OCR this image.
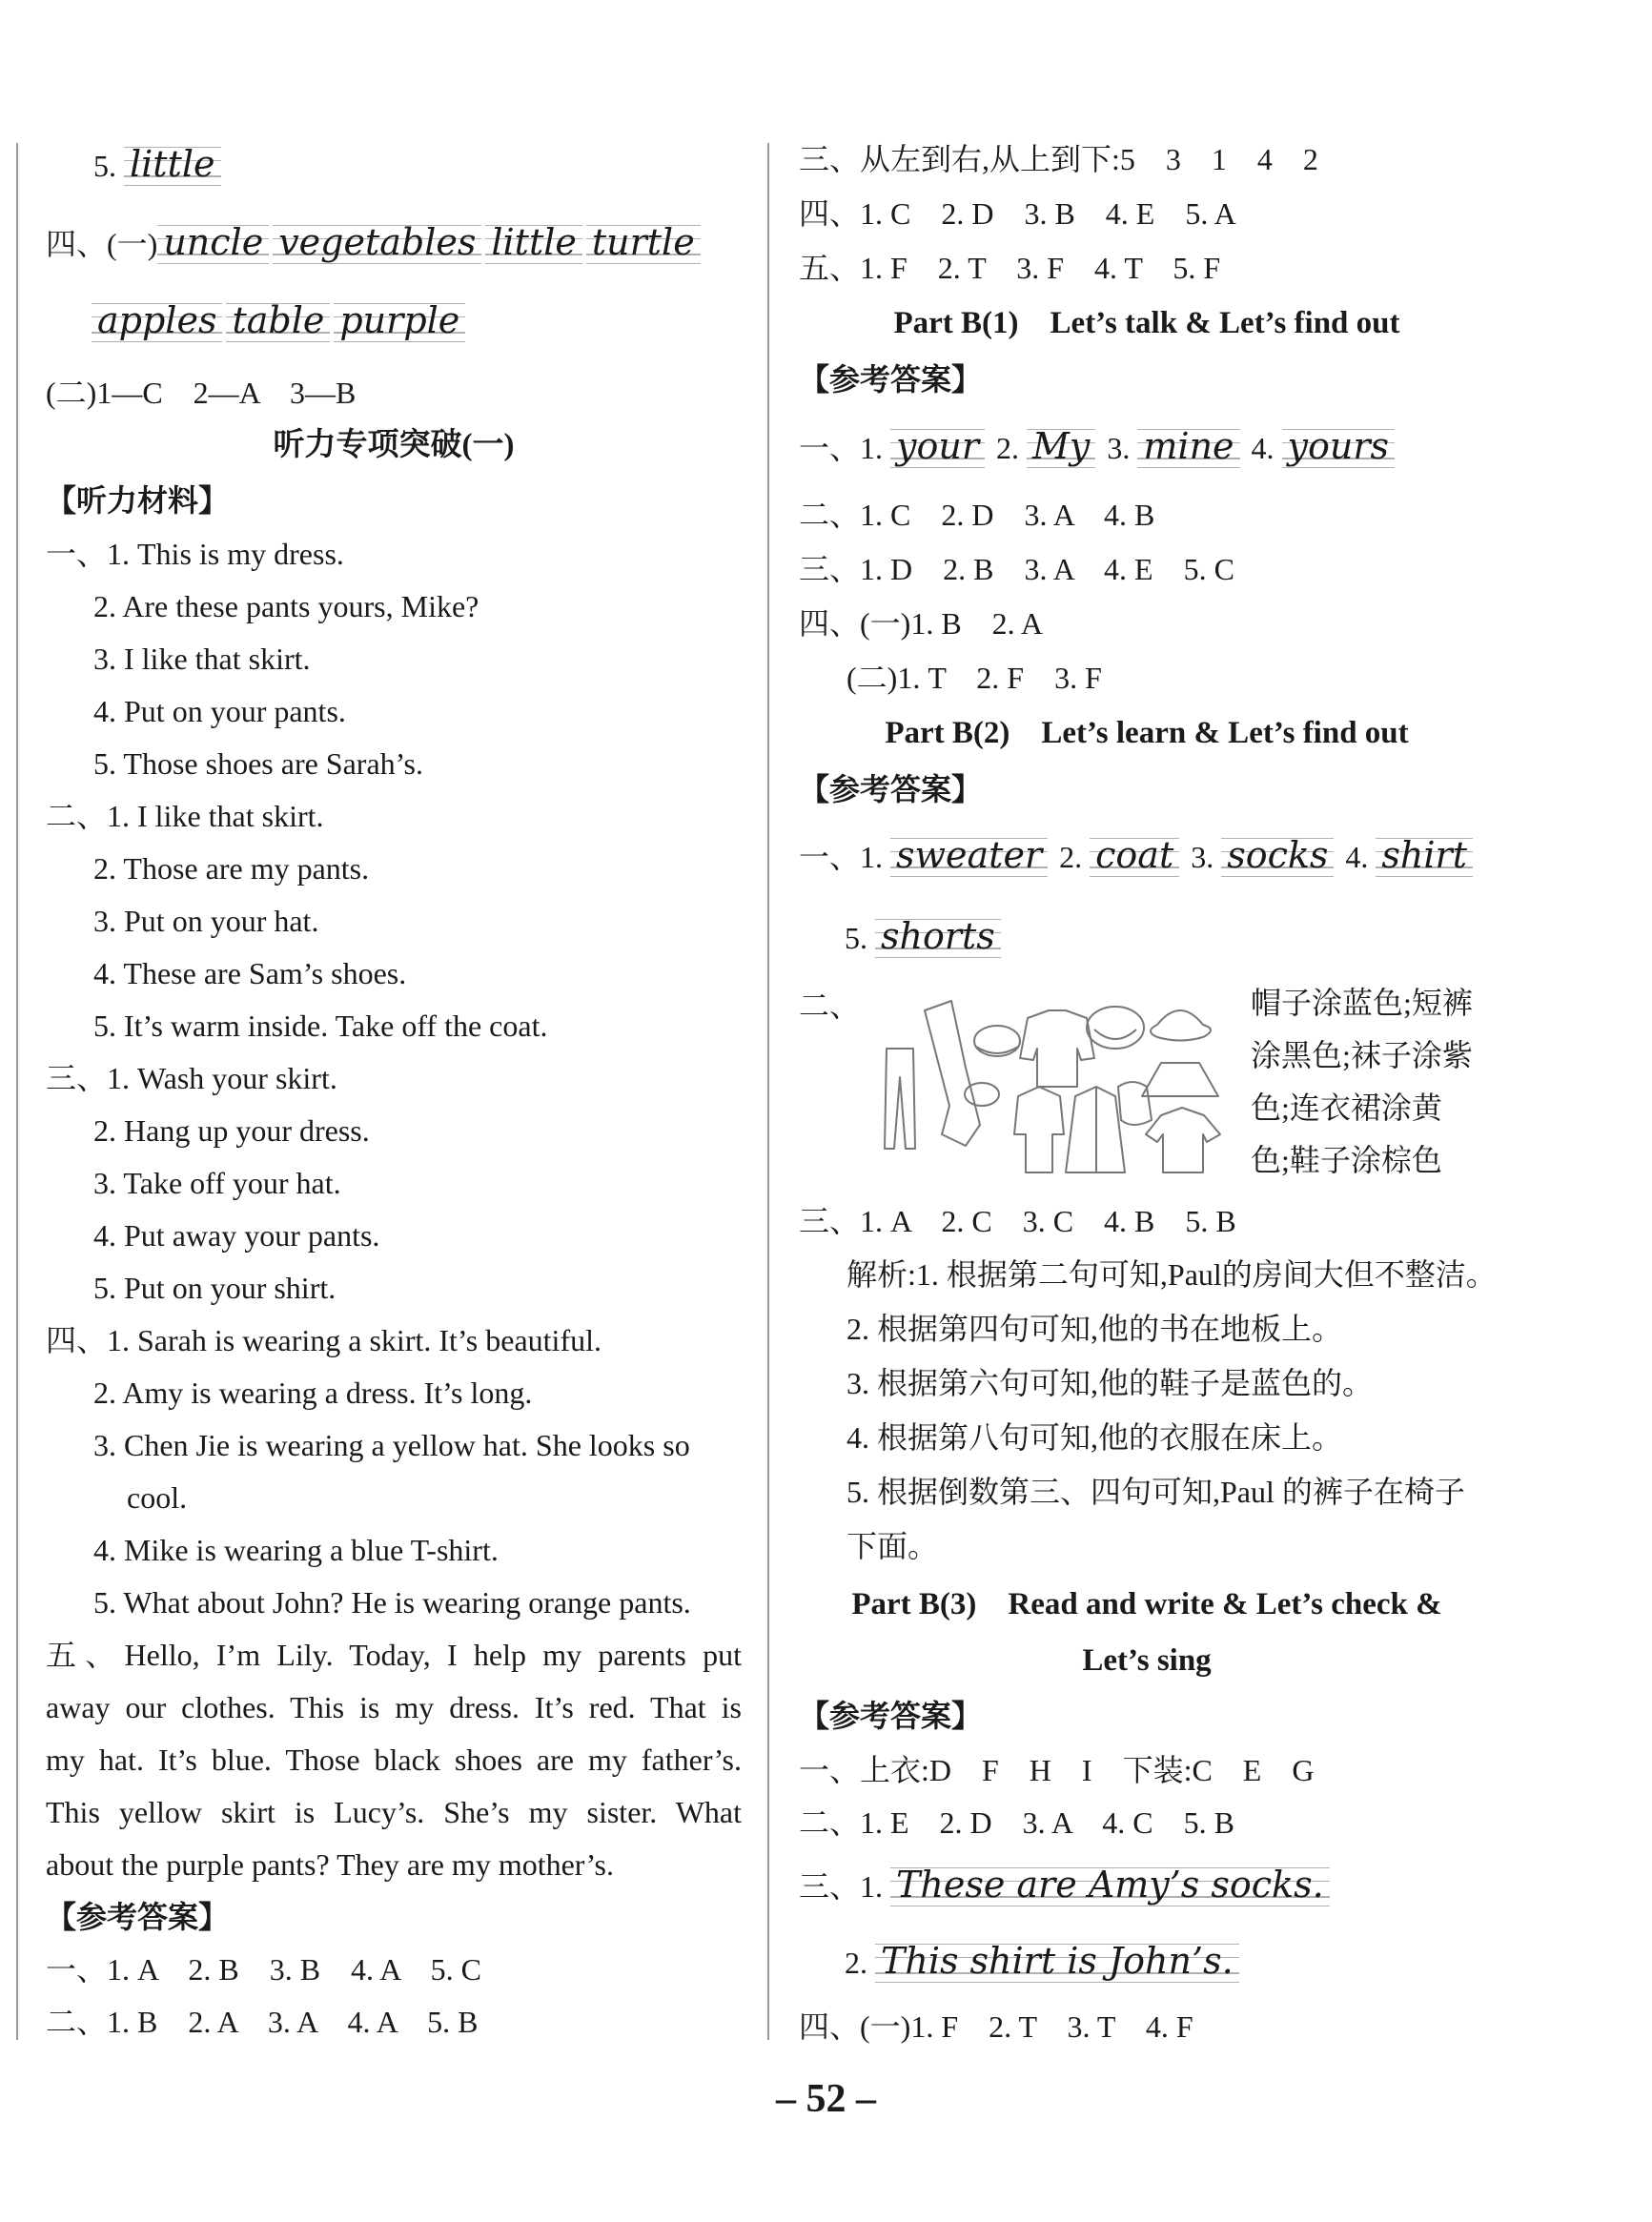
5. little
四、(一) uncle vegetables little turtle
apples table purple
(二)1—C　2—A　3—B
听力专项突破(一)
【听力材料】
一、1. This is my dress.
2. Are these pants yours, Mike?
3. I like that skirt.
4. Put on your pants.
5. Those shoes are Sarah’s.
二、1. I like that skirt.
2. Those are my pants.
3. Put on your hat.
4. These are Sam’s shoes.
5. It’s warm inside. Take off the coat.
三、1. Wash your skirt.
2. Hang up your dress.
3. Take off your hat.
4. Put away your pants.
5. Put on your shirt.
四、1. Sarah is wearing a skirt. It’s beautiful.
2. Amy is wearing a dress. It’s long.
3. Chen Jie is wearing a yellow hat. She looks so
cool.
4. Mike is wearing a blue T-shirt.
5. What about John? He is wearing orange pants.
五、Hello, I’m Lily. Today, I help my parents put
away our clothes. This is my dress. It’s red. That is
my hat. It’s blue. Those black shoes are my father’s.
This yellow skirt is Lucy’s. She’s my sister. What
about the purple pants? They are my mother’s.
【参考答案】
一、1. A　2. B　3. B　4. A　5. C
二、1. B　2. A　3. A　4. A　5. B
三、从左到右,从上到下:5　3　1　4　2
四、1. C　2. D　3. B　4. E　5. A
五、1. F　2. T　3. F　4. T　5. F
Part B(1)　Let’s talk & Let’s find out
【参考答案】
一、1. your 2. My 3. mine 4. yours
二、1. C　2. D　3. A　4. B
三、1. D　2. B　3. A　4. E　5. C
四、(一)1. B　2. A
(二)1. T　2. F　3. F
Part B(2)　Let’s learn & Let’s find out
【参考答案】
一、1. sweater 2. coat 3. socks 4. shirt
5. shorts
二、	帽子涂蓝色;短裤
涂黑色;袜子涂紫
色;连衣裙涂黄
色;鞋子涂棕色
三、1. A　2. C　3. C　4. B　5. B
解析:1. 根据第二句可知,Paul的房间大但不整洁。
2. 根据第四句可知,他的书在地板上。
3. 根据第六句可知,他的鞋子是蓝色的。
4. 根据第八句可知,他的衣服在床上。
5. 根据倒数第三、四句可知,Paul 的裤子在椅子
下面。
Part B(3)　Read and write & Let’s check &
Let’s sing
【参考答案】
一、上衣:D　F　H　I　下装:C　E　G
二、1. E　2. D　3. A　4. C　5. B
三、1. These are Amy’s socks.
2. This shirt is John’s.
四、(一)1. F　2. T　3. T　4. F
– 52 –
